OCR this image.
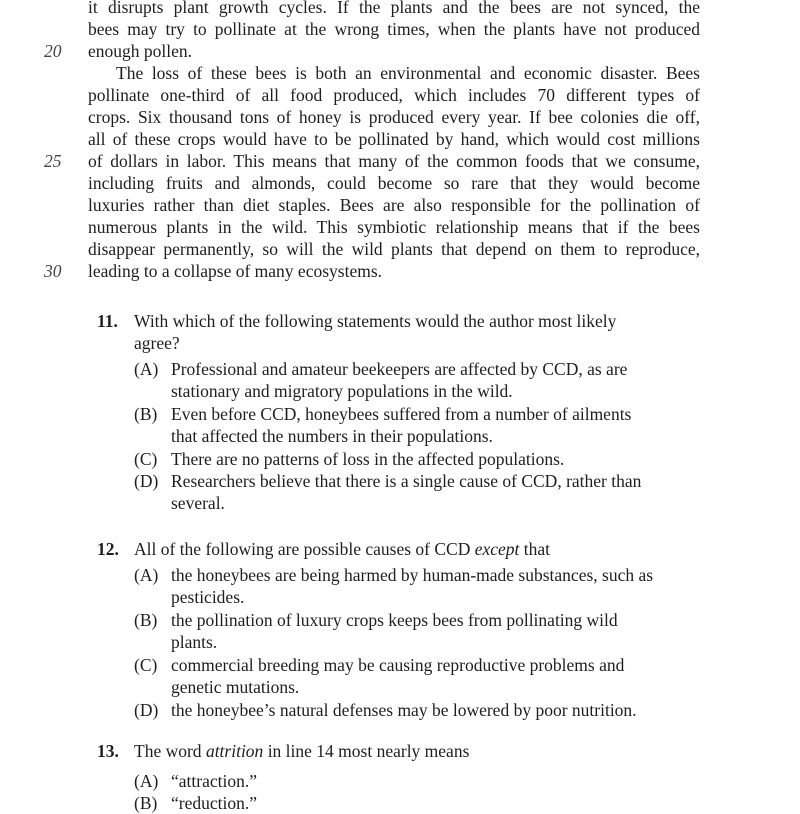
it disrupts plant growth cycles. If the plants and the bees are not synced, the
bees may try to pollinate at the wrong times, when the plants have not produced
20	enough pollen.
The loss of these bees is both an environmental and economic disaster. Bees
pollinate one-third of all food produced, which includes 70 different types of
crops. Six thousand tons of honey is produced every year. If bee colonies die off,
all of these crops would have to be pollinated by hand, which would cost millions
25	of dollars in labor. This means that many of the common foods that we consume,
including fruits and almonds, could become so rare that they would become
luxuries rather than diet staples. Bees are also responsible for the pollination of
numerous plants in the wild. This symbiotic relationship means that if the bees
disappear permanently, so will the wild plants that depend on them to reproduce,
30	leading to a collapse of many ecosystems.
11. With which of the following statements would the author most likely
agree?
(A) Professional and amateur beekeepers are affected by CCD, as are
stationary and migratory populations in the wild.
(B) Even before CCD, honeybees suffered from a number of ailments
that affected the numbers in their populations.
(C) There are no patterns of loss in the affected populations.
(D) Researchers believe that there is a single cause of CCD, rather than
several.
12. All of the following are possible causes of CCD except that
(A) the honeybees are being harmed by human-made substances, such as
pesticides.
(B) the pollination of luxury crops keeps bees from pollinating wild
plants.
(C) commercial breeding may be causing reproductive problems and
genetic mutations.
(D) the honeybee’s natural defenses may be lowered by poor nutrition.
13. The word attrition in line 14 most nearly means
(A) “attraction.”
(B) “reduction.”
